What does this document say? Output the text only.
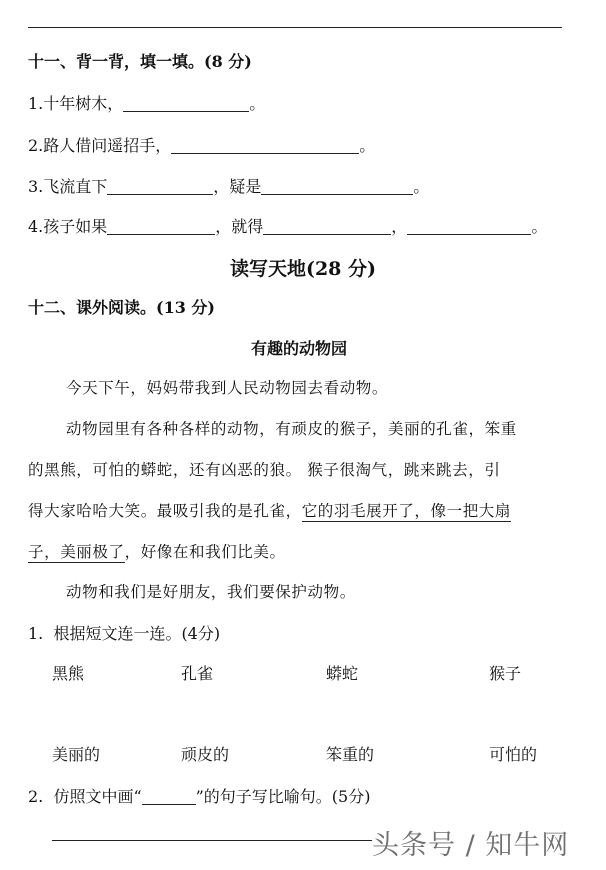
十一、背一背，填一填。(8 分)
1.十年树木，	。
2.路人借问遥招手，	。
3.飞流直下	，疑是	。
4.孩子如果	，就得	，	。
读写天地(28 分)
十二、课外阅读。(13 分)
有趣的动物园
今天下午，妈妈带我到人民动物园去看动物。
动物园里有各种各样的动物，有顽皮的猴子，美丽的孔雀，笨重
的黑熊，可怕的蟒蛇，还有凶恶的狼。 猴子很淘气，跳来跳去，引
得大家哈哈大笑。最吸引我的是孔雀，它的羽毛展开了，像一把大扇
子，美丽极了，好像在和我们比美。
动物和我们是好朋友，我们要保护动物。
1. 根据短文连一连。(4分)
黑熊	孔雀	蟒蛇	猴子
美丽的	顽皮的	笨重的	可怕的
2. 仿照文中画“	”的句子写比喻句。(5分)
头条号 / 知牛网
